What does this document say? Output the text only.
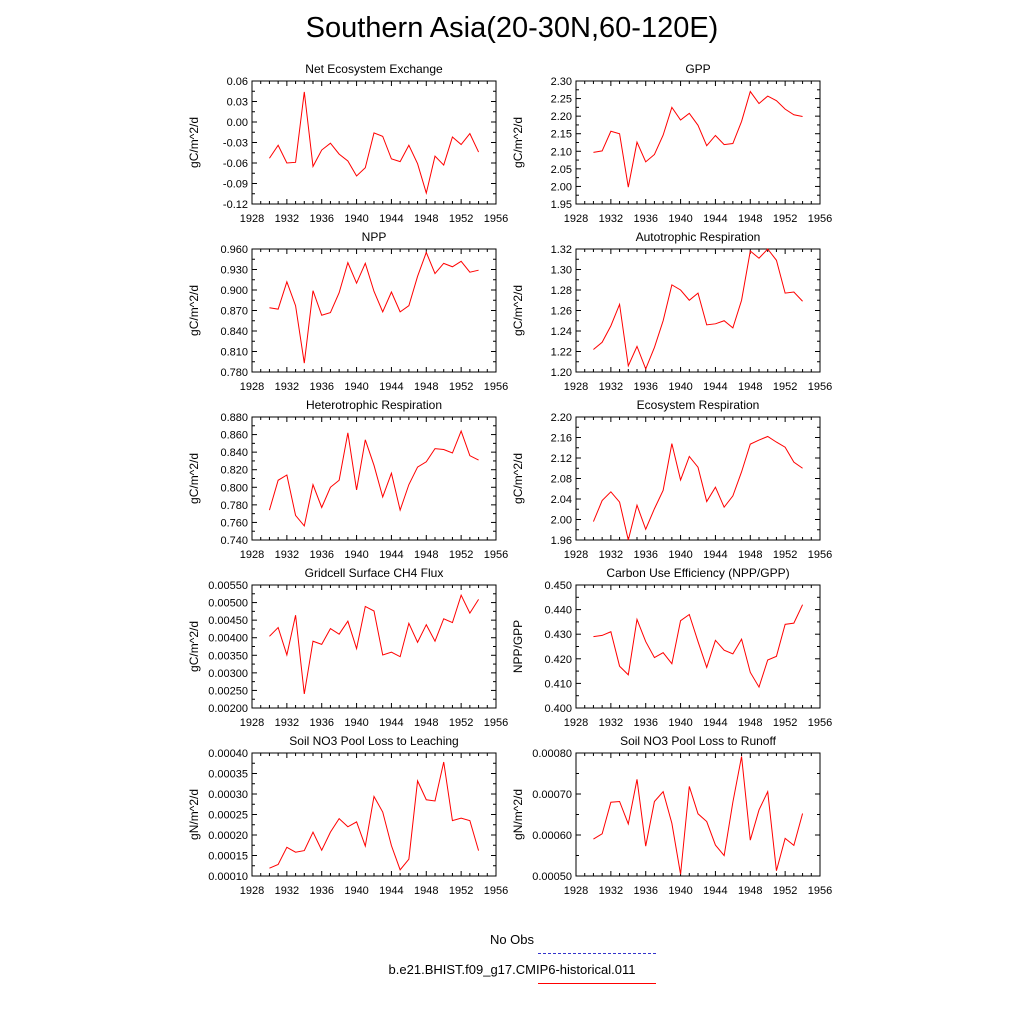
Southern Asia(20-30N,60-120E)
Net Ecosystem Exchange
gC/m^2/d
1928 1932 1936 1940 1944 1948 1952 1956
-0.12
-0.09
-0.06
-0.03
0.00
0.03
0.06
GPP
gC/m^2/d
1928 1932 1936 1940 1944 1948 1952 1956
1.95
2.00
2.05
2.10
2.15
2.20
2.25
2.30
NPP
gC/m^2/d
1928 1932 1936 1940 1944 1948 1952 1956
0.780
0.810
0.840
0.870
0.900
0.930
0.960
Autotrophic Respiration
gC/m^2/d
1928 1932 1936 1940 1944 1948 1952 1956
1.20
1.22
1.24
1.26
1.28
1.30
1.32
Heterotrophic Respiration
gC/m^2/d
1928 1932 1936 1940 1944 1948 1952 1956
0.740
0.760
0.780
0.800
0.820
0.840
0.860
0.880
Ecosystem Respiration
gC/m^2/d
1928 1932 1936 1940 1944 1948 1952 1956
1.96
2.00
2.04
2.08
2.12
2.16
2.20
Gridcell Surface CH4 Flux
gC/m^2/d
1928 1932 1936 1940 1944 1948 1952 1956
0.00200
0.00250
0.00300
0.00350
0.00400
0.00450
0.00500
0.00550
Carbon Use Efficiency (NPP/GPP)
NPP/GPP
1928 1932 1936 1940 1944 1948 1952 1956
0.400
0.410
0.420
0.430
0.440
0.450
Soil NO3 Pool Loss to Leaching
gN/m^2/d
1928 1932 1936 1940 1944 1948 1952 1956
0.00010
0.00015
0.00020
0.00025
0.00030
0.00035
0.00040
Soil NO3 Pool Loss to Runoff
gN/m^2/d
1928 1932 1936 1940 1944 1948 1952 1956
0.00050
0.00060
0.00070
0.00080
No Obs
b.e21.BHIST.f09_g17.CMIP6-historical.011
